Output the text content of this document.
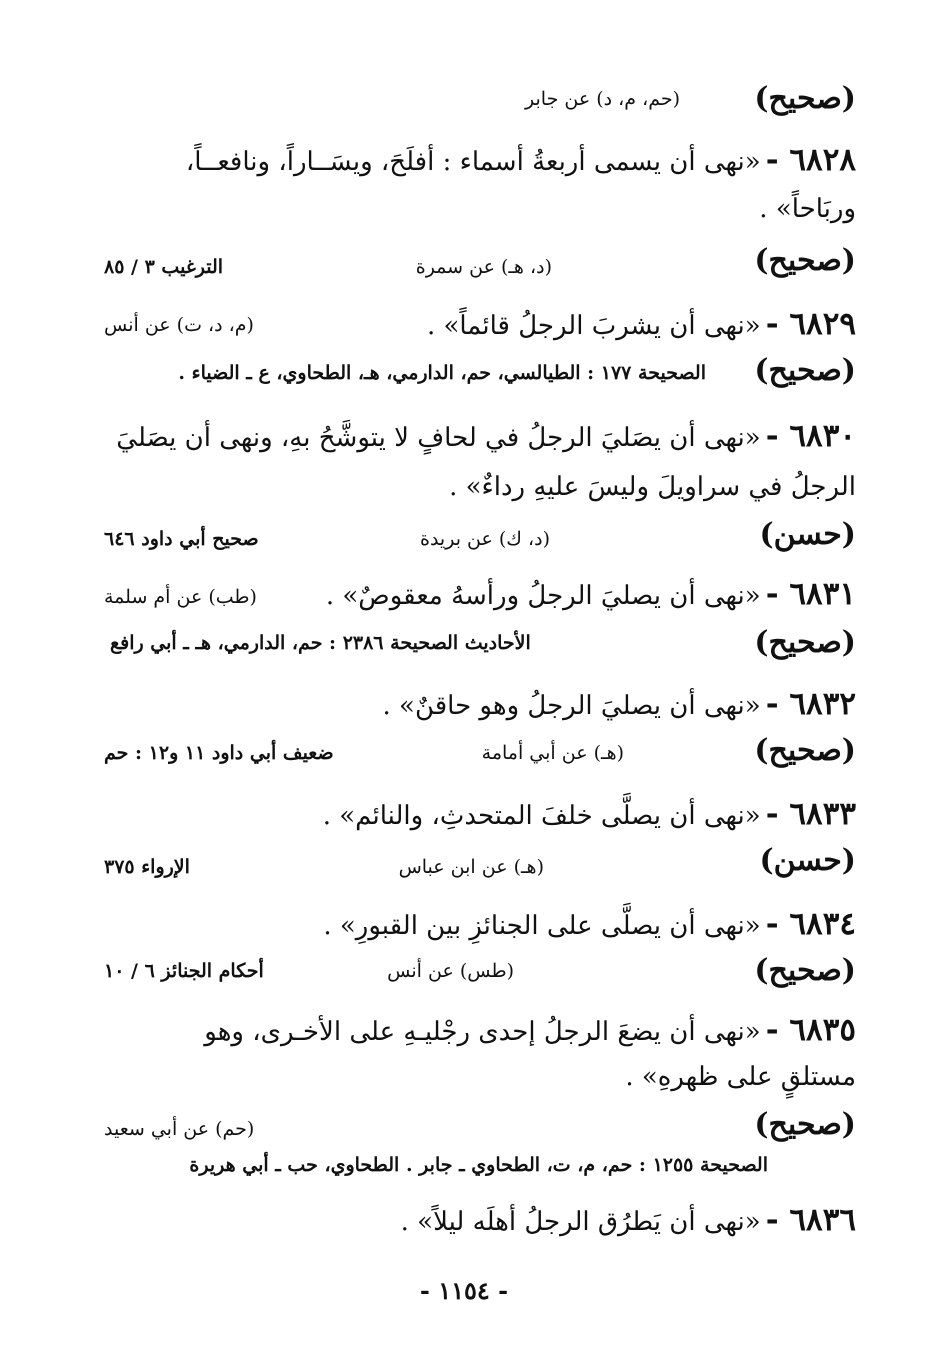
(صحيح)
(حم، م، د) عن جابر
٦٨٢٨ - «نهى أن يسمى أربعةُ أسماء : أفلَحَ، ويسَــاراً، ونافعــاً،
وربَاحاً» .
(صحيح)
(د، هـ) عن سمرة
الترغيب ٣ / ٨٥
٦٨٢٩ - «نهى أن يشربَ الرجلُ قائماً» .
(م، د، ت) عن أنس
(صحيح)
الصحيحة ١٧٧ : الطيالسي، حم، الدارمي، هـ، الطحاوي، ع ـ الضياء .
٦٨٣٠ - «نهى أن يصَليَ الرجلُ في لحافٍ لا يتوشَّحُ بهِ، ونهى أن يصَليَ
الرجلُ في سراويلَ وليسَ عليهِ رداءٌ» .
(حسن)
(د، ك) عن بريدة
صحيح أبي داود ٦٤٦
٦٨٣١ - «نهى أن يصليَ الرجلُ ورأسهُ معقوصٌ» .
(طب) عن أم سلمة
(صحيح)
الأحاديث الصحيحة ٢٣٨٦ : حم، الدارمي، هـ ـ أبي رافع
٦٨٣٢ - «نهى أن يصليَ الرجلُ وهو حاقنٌ» .
(صحيح)
(هـ) عن أبي أمامة
ضعيف أبي داود ١١ و١٢ : حم
٦٨٣٣ - «نهى أن يصلَّى خلفَ المتحدثِ، والنائم» .
(حسن)
(هـ) عن ابن عباس
الإرواء ٣٧٥
٦٨٣٤ - «نهى أن يصلَّى على الجنائزِ بين القبورِ» .
(صحيح)
(طس) عن أنس
أحكام الجنائز ٦ / ١٠
٦٨٣٥ - «نهى أن يضعَ الرجلُ إحدى رجْليـهِ على الأخـرى، وهو
مستلقٍ على ظهرهِ» .
(صحيح)
(حم) عن أبي سعيد
الصحيحة ١٢٥٥ : حم، م، ت، الطحاوي ـ جابر . الطحاوي، حب ـ أبي هريرة
٦٨٣٦ - «نهى أن يَطرُق الرجلُ أهلَه ليلاً» .
- ١١٥٤ -
